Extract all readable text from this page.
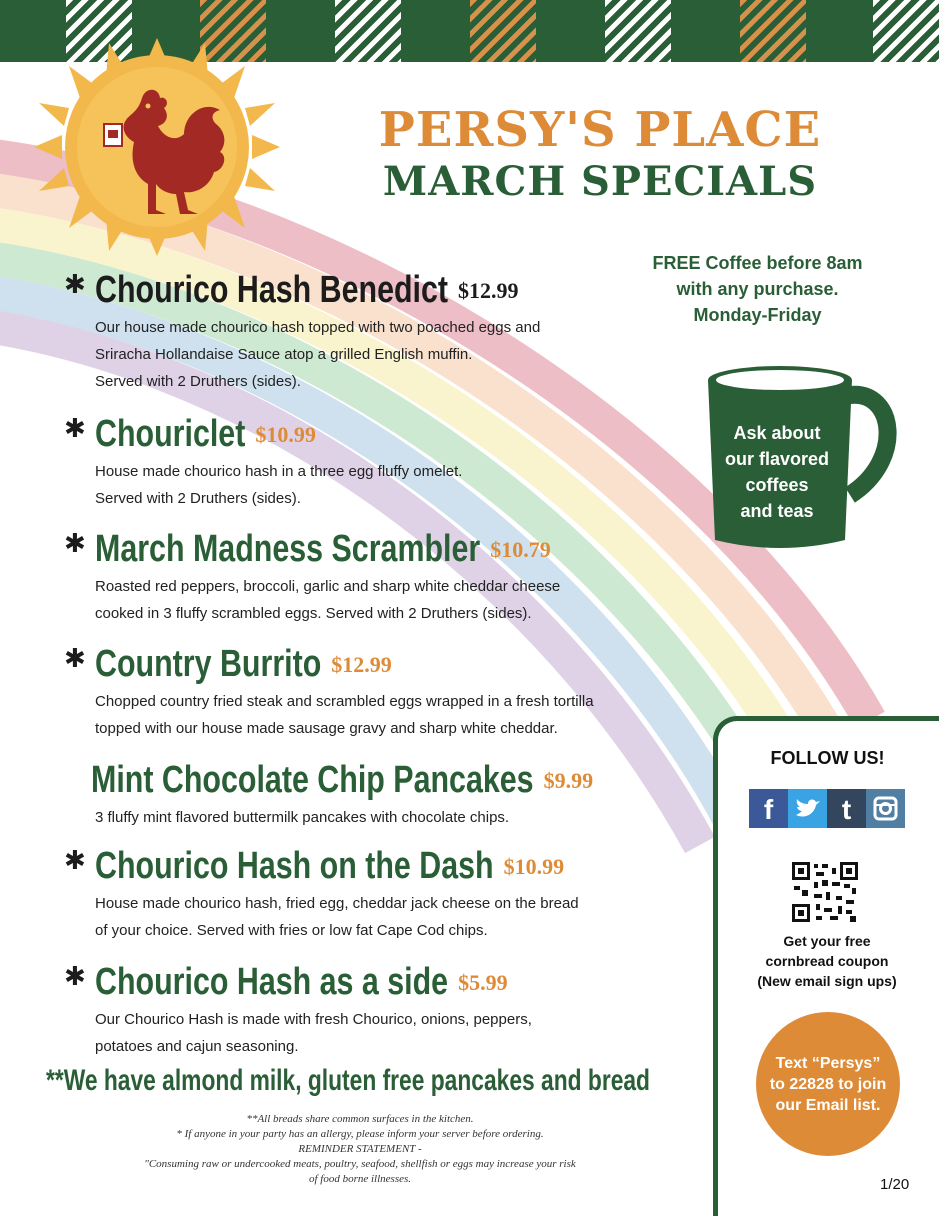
PERSY'S PLACE
MARCH SPECIALS
FREE Coffee before 8am
with any purchase.
Monday-Friday
Ask about
our flavored
coffees
and teas
✱ Chourico Hash Benedict $12.99
Our house made chourico hash topped with two poached eggs and
Sriracha Hollandaise Sauce atop a grilled English muffin.
Served with 2 Druthers (sides).
✱ Chouriclet $10.99
House made chourico hash in a three egg fluffy omelet.
Served with 2 Druthers (sides).
✱ March Madness Scrambler $10.79
Roasted red peppers, broccoli, garlic and sharp white cheddar cheese
cooked in 3 fluffy scrambled eggs. Served with 2 Druthers (sides).
✱ Country Burrito $12.99
Chopped country fried steak and scrambled eggs wrapped in a fresh tortilla
topped with our house made sausage gravy and sharp white cheddar.
Mint Chocolate Chip Pancakes $9.99
3 fluffy mint flavored buttermilk pancakes with chocolate chips.
✱ Chourico Hash on the Dash $10.99
House made chourico hash, fried egg, cheddar jack cheese on the bread
of your choice. Served with fries or low fat Cape Cod chips.
✱ Chourico Hash as a side $5.99
Our Chourico Hash is made with fresh Chourico, onions, peppers,
potatoes and cajun seasoning.
**We have almond milk, gluten free pancakes and bread
**All breads share common surfaces in the kitchen.
* If anyone in your party has an allergy, please inform your server before ordering.
REMINDER STATEMENT -
"Consuming raw or undercooked meats, poultry, seafood, shellfish or eggs may increase your risk
of food borne illnesses.
FOLLOW US!
f t
Get your free
cornbread coupon
(New email sign ups)
Text “Persys” to 22828 to join our Email list.
1/20
